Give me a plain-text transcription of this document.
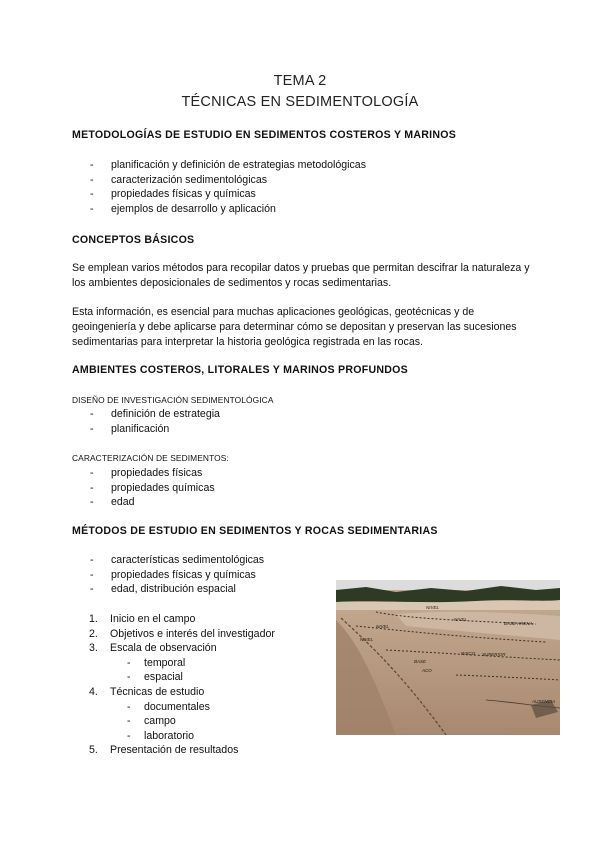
TEMA 2
TÉCNICAS EN SEDIMENTOLOGÍA
METODOLOGÍAS DE ESTUDIO EN SEDIMENTOS COSTEROS Y MARINOS
- planificación y definición de estrategias metodológicas
- caracterización sedimentológicas
- propiedades físicas y químicas
- ejemplos de desarrollo y aplicación
CONCEPTOS BÁSICOS
Se emplean varios métodos para recopilar datos y pruebas que permitan descifrar la naturaleza y los ambientes deposicionales de sedimentos y rocas sedimentarias.
Esta información, es esencial para muchas aplicaciones geológicas, geotécnicas y de geoingeniería y debe aplicarse para determinar cómo se depositan y preservan las sucesiones sedimentarias para interpretar la historia geológica registrada en las rocas.
AMBIENTES COSTEROS, LITORALES Y MARINOS PROFUNDOS
DISEÑO DE INVESTIGACIÓN SEDIMENTOLÓGICA
- definición de estrategia
- planificación
CARACTERIZACIÓN DE SEDIMENTOS:
- propiedades físicas
- propiedades químicas
- edad
MÉTODOS DE ESTUDIO EN SEDIMENTOS Y ROCAS SEDIMENTARIAS
- características sedimentológicas
- propiedades físicas y químicas
- edad, distribución espacial
1. Inicio en el campo
2. Objetivos e interés del investigador
3. Escala de observación
- temporal
- espacial
4. Técnicas de estudio
- documentales
- campo
- laboratorio
5. Presentación de resultados
NIVEL
NIVEL
BASE ARENA
NIVEL
NIVEL
RISCO SUPERIOR
BASE
AUSENCIA
ACO
